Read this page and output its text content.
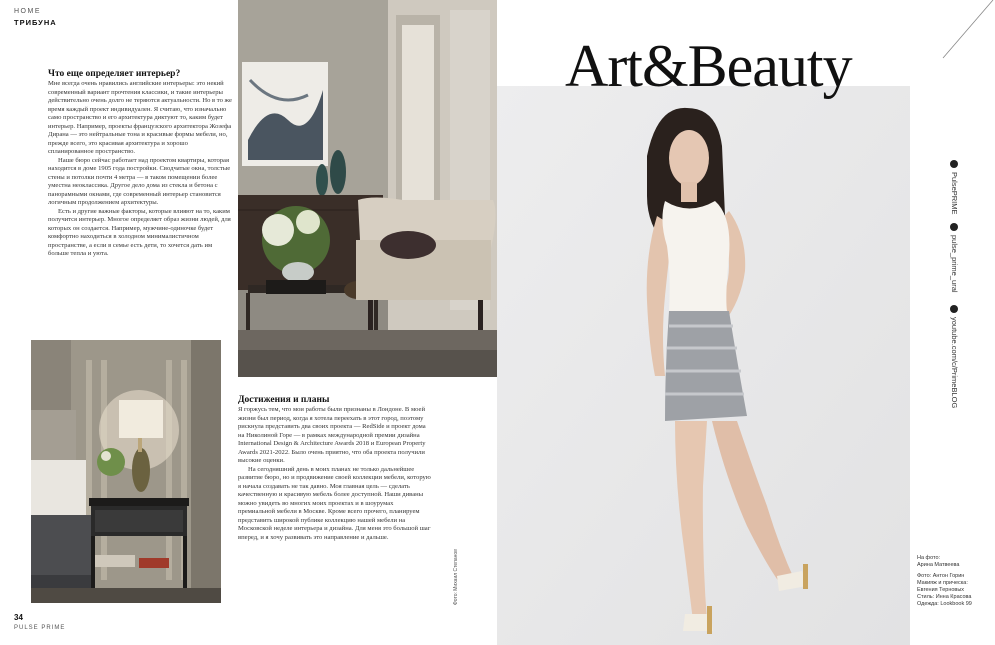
HOME
ТРИБУНА
Что еще определяет интерьер?

Мне всегда очень нравились английские интерьеры: это некий современный вариант прочтения классики, и такие интерьеры действительно очень долго не теряются актуальности. Но в то же время каждый проект индивидуален. Я считаю, что изначально само пространство и его архитектура диктуют то, каким будет интерьер. Например, проекты французского архитектора Жозефа Дирана — это нейтральные тона и красивые формы мебели, но, прежде всего, это красивая архитектура и хорошо спланированное пространство.

Наше бюро сейчас работает над проектом квартиры, которая находится в доме 1905 года постройки. Сводчатые окна, толстые стены и потолки почти 4 метра — в таком помещении более уместна неоклассика. Другое дело дома из стекла и бетона с панорамными окнами, где современный интерьер становится логичным продолжением архитектуры.

Есть и другие важные факторы, которые влияют на то, каким получится интерьер. Многое определяет образ жизни людей, для которых он создается. Например, мужчине-одиночке будет комфортно находиться в холодном минималистичном пространстве, а если в семье есть дети, то хочется дать им больше тепла и уюта.

Достижения и планы

Я горжусь тем, что мои работы были признаны в Лондоне. В моей жизни был период, когда я хотела переехать в этот город, поэтому рискнула представить два своих проекта — RedSide и проект дома на Николиной Горе — в рамках международной премии дизайна International Design & Architecture Awards 2018 и European Property Awards 2021-2022. Было очень приятно, что оба проекта получили высокие оценки.

На сегодняшний день в моих планах не только дальнейшее развитие бюро, но и продвижение своей коллекции мебели, которую я начала создавать не так давно. Моя главная цель — сделать качественную и красивую мебель более доступной. Наши диваны можно увидеть во многих моих проектах и в шоурумах премиальной мебели в Москве. Кроме всего прочего, планируем представить широкой публике коллекцию нашей мебели на Московской неделе интерьера и дизайна. Для меня это большой шаг вперед, и я хочу развивать это направление и дальше.

Фото: Михаил Степанов
34
PULSE PRIME
Art&Beauty
PulsePRIME
pulse_prime_ural
youtube.com/c/PrimeBLOG
На фото:
Арина Матвеева
Фото: Антон Горин
Макияж и прическа:
Евгения Терновых
Стиль: Инна Красова
Одежда: Lookbook 99
